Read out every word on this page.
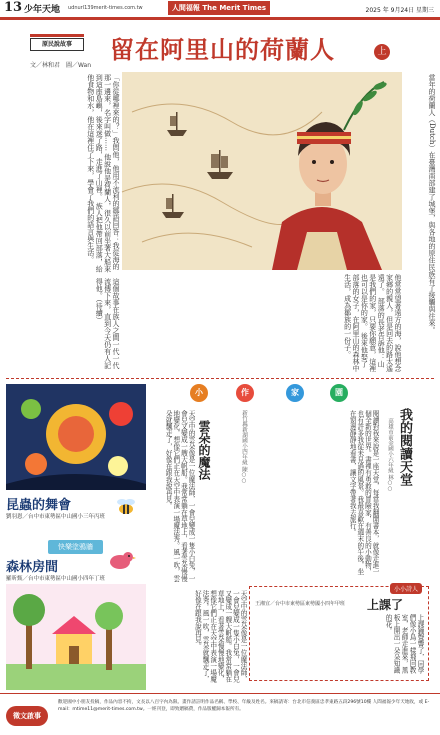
13 少年天地 udnurl139merit-times.com.tw	人間福報 The Merit Times	2025 年 9月24日 星期三
原民說故事	留在阿里山的荷蘭人	上
文／林和君　圖／Wan
「你從哪裡來的？」我問他，他用不流利的鄒語回答：我從海的那一邊來，名字叫做…… 他說他是荷蘭人，很久以前坐著大船來到這座島嶼，後來迷了路，走進了山裡。 族人把他帶回部落，給他食物和水，他在這裡住了下來，學會了我們的語言與生活。	當年的荷蘭人（Dutch）在臺灣南部建了城堡，與各地的原住民族有了接觸與往來。
他常常望著遠方的海，說他想念家鄉的親人，但是回去的路太遙遠了。 部落的長老告訴他：山是我們的家，只要你願意，這裡也可以是你的家。 後來他娶了部落的女子，在阿里山的森林中生活，成為鄒族的一份子。
這個故事在族人之間一代一代流傳下來，直到今天仍有人記得他。（待續）
小	作	家	園
昆蟲的舞會
劉羽恩／台中市東勢區中山國小三年丙班
快樂塗鴉牆
森林房間
羅昕甄／台中市東勢區中山國小四年丁班
雲朵的魔法
天空中的雲朵像是一位魔法師，一會兒變成一隻小白兔，一會兒又變成一艘大帆船。我常常躺在草地上，看著雲朵慢慢地變化，想像它們正在天空中表演一場魔法秀。風一吹，雲朵就飄走了，好像在跟我說再見。	新竹縣新湖國小四年級 陳○○
天空中的雲朵像是一位魔法師，一會兒變成一隻小白兔，一會兒又變成一艘大帆船。我常常躺在草地上，看著雲朵慢慢地變化，想像它們正在天空中表演一場魔法秀。風一吹，雲朵就飄走了，好像在跟我說再見。
我的閱讀天堂
高雄市前金國小六年級 林○○
閱讀對我來說是一座天堂，每當我翻開書本，就像走進一個全新的世界。書裡有勇敢的冒險家，有善良的小動物，也有許多我從未見過的風景。我最喜歡在週末的午後，坐在窗邊靜靜地看書，讓文字帶著我去旅行。
小小詩人
上課了
王湘宜／台中市東勢區東勢國小四年甲班
上課鐘聲響了，同學們像小鳥一樣飛回教室，老師走進來，黑板上開出一朵朵知識的花。
徵文啟事
歡迎國中小朋友投稿，作品內容不拘，文長以八百字內為限。畫作請註明作品名稱、學校、年級及姓名。來稿請寄：台北市信義區忠孝東路五段296號10樓 人間福報少年天地收，或 E-mail：mtime11@merit-times.com.tw。一經刊登，即致贈稿費，作品版權歸本報所有。
